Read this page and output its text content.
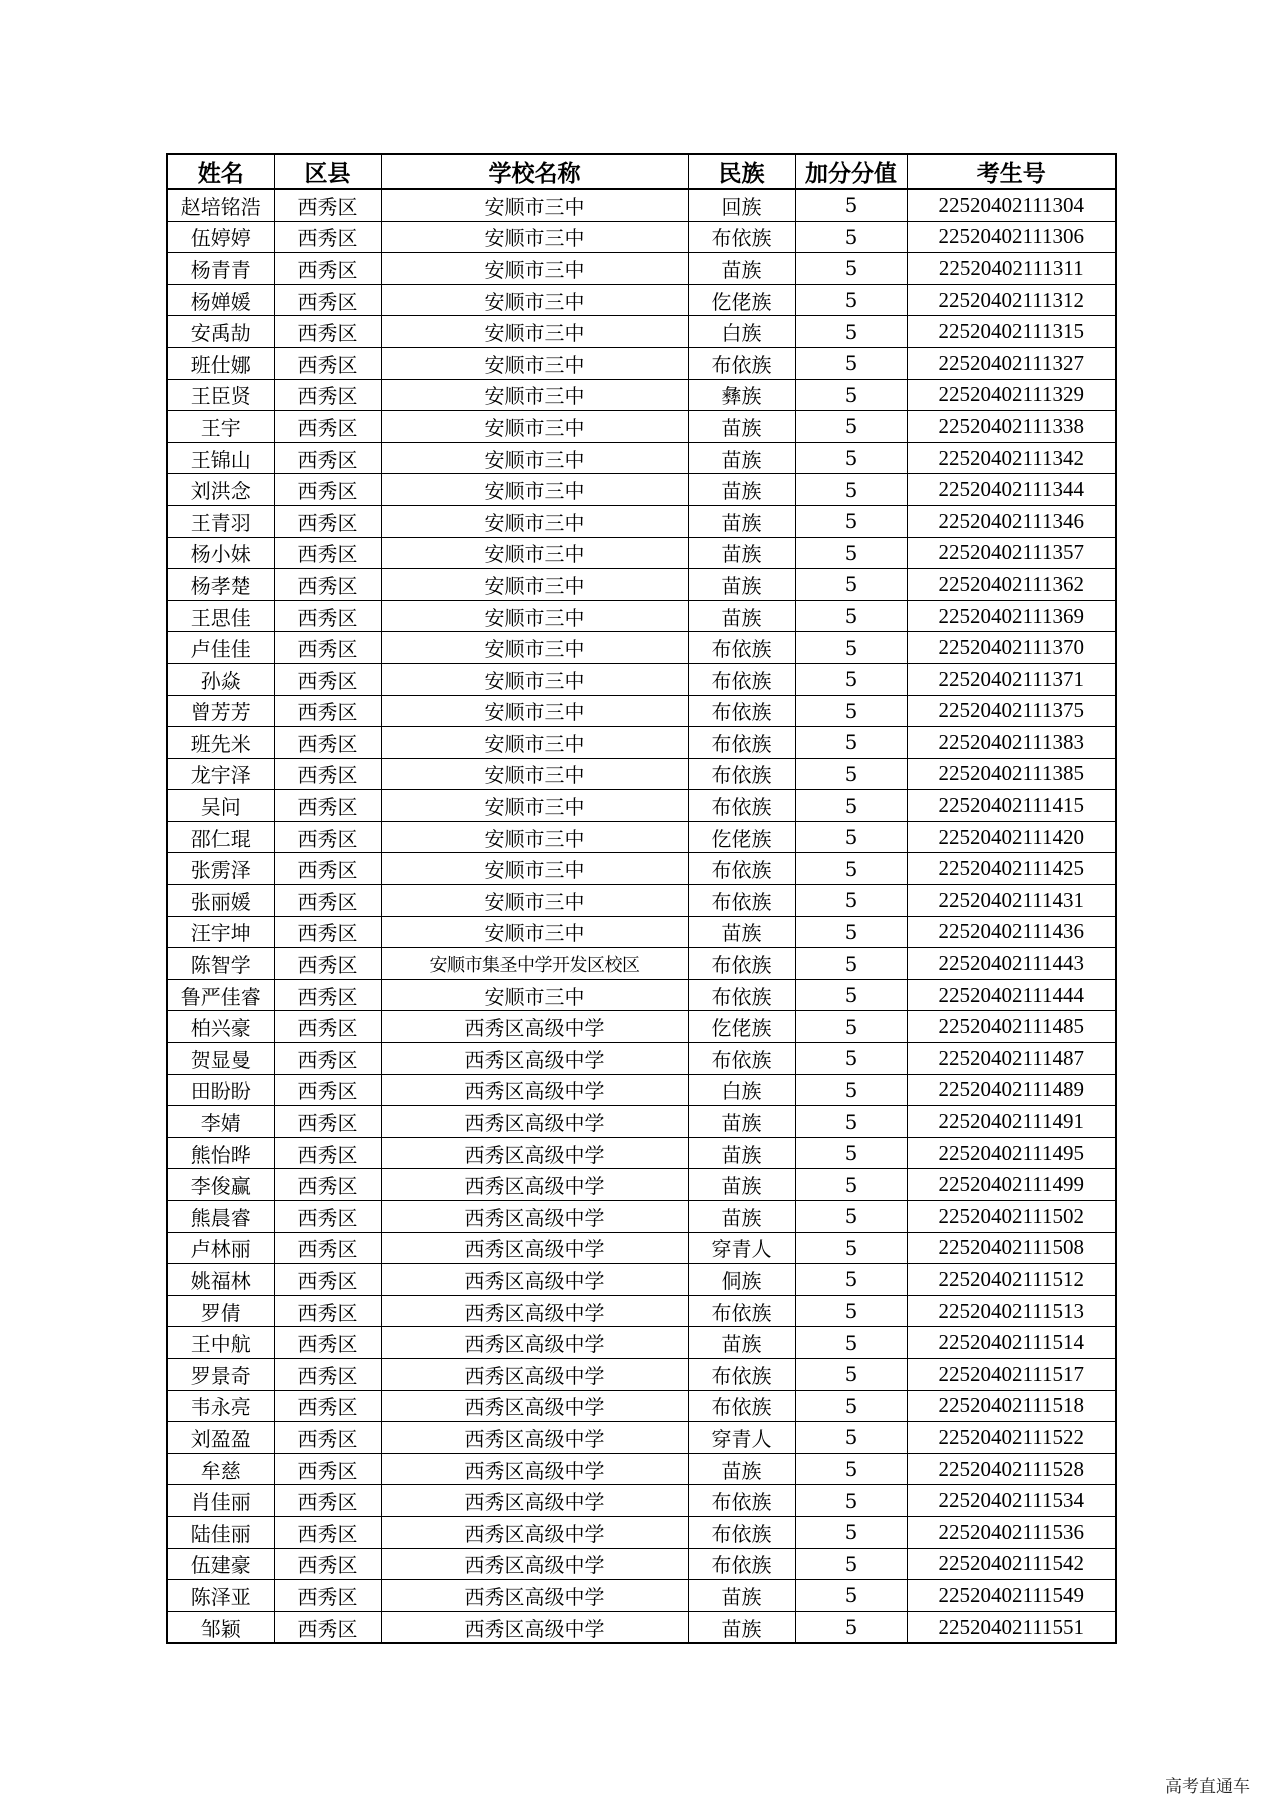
姓名	区县	学校名称	民族	加分分值	考生号
赵培铭浩	西秀区	安顺市三中	回族	5	22520402111304
伍婷婷	西秀区	安顺市三中	布依族	5	22520402111306
杨青青	西秀区	安顺市三中	苗族	5	22520402111311
杨婵媛	西秀区	安顺市三中	仡佬族	5	22520402111312
安禹劼	西秀区	安顺市三中	白族	5	22520402111315
班仕娜	西秀区	安顺市三中	布依族	5	22520402111327
王臣贤	西秀区	安顺市三中	彝族	5	22520402111329
王宇	西秀区	安顺市三中	苗族	5	22520402111338
王锦山	西秀区	安顺市三中	苗族	5	22520402111342
刘洪念	西秀区	安顺市三中	苗族	5	22520402111344
王青羽	西秀区	安顺市三中	苗族	5	22520402111346
杨小妹	西秀区	安顺市三中	苗族	5	22520402111357
杨孝楚	西秀区	安顺市三中	苗族	5	22520402111362
王思佳	西秀区	安顺市三中	苗族	5	22520402111369
卢佳佳	西秀区	安顺市三中	布依族	5	22520402111370
孙焱	西秀区	安顺市三中	布依族	5	22520402111371
曾芳芳	西秀区	安顺市三中	布依族	5	22520402111375
班先米	西秀区	安顺市三中	布依族	5	22520402111383
龙宇泽	西秀区	安顺市三中	布依族	5	22520402111385
吴问	西秀区	安顺市三中	布依族	5	22520402111415
邵仁琨	西秀区	安顺市三中	仡佬族	5	22520402111420
张雳泽	西秀区	安顺市三中	布依族	5	22520402111425
张丽媛	西秀区	安顺市三中	布依族	5	22520402111431
汪宇坤	西秀区	安顺市三中	苗族	5	22520402111436
陈智学	西秀区	安顺市集圣中学开发区校区	布依族	5	22520402111443
鲁严佳睿	西秀区	安顺市三中	布依族	5	22520402111444
柏兴豪	西秀区	西秀区高级中学	仡佬族	5	22520402111485
贺显曼	西秀区	西秀区高级中学	布依族	5	22520402111487
田盼盼	西秀区	西秀区高级中学	白族	5	22520402111489
李婧	西秀区	西秀区高级中学	苗族	5	22520402111491
熊怡晔	西秀区	西秀区高级中学	苗族	5	22520402111495
李俊赢	西秀区	西秀区高级中学	苗族	5	22520402111499
熊晨睿	西秀区	西秀区高级中学	苗族	5	22520402111502
卢林丽	西秀区	西秀区高级中学	穿青人	5	22520402111508
姚福林	西秀区	西秀区高级中学	侗族	5	22520402111512
罗倩	西秀区	西秀区高级中学	布依族	5	22520402111513
王中航	西秀区	西秀区高级中学	苗族	5	22520402111514
罗景奇	西秀区	西秀区高级中学	布依族	5	22520402111517
韦永亮	西秀区	西秀区高级中学	布依族	5	22520402111518
刘盈盈	西秀区	西秀区高级中学	穿青人	5	22520402111522
牟慈	西秀区	西秀区高级中学	苗族	5	22520402111528
肖佳丽	西秀区	西秀区高级中学	布依族	5	22520402111534
陆佳丽	西秀区	西秀区高级中学	布依族	5	22520402111536
伍建豪	西秀区	西秀区高级中学	布依族	5	22520402111542
陈泽亚	西秀区	西秀区高级中学	苗族	5	22520402111549
邹颖	西秀区	西秀区高级中学	苗族	5	22520402111551
高考直通车
